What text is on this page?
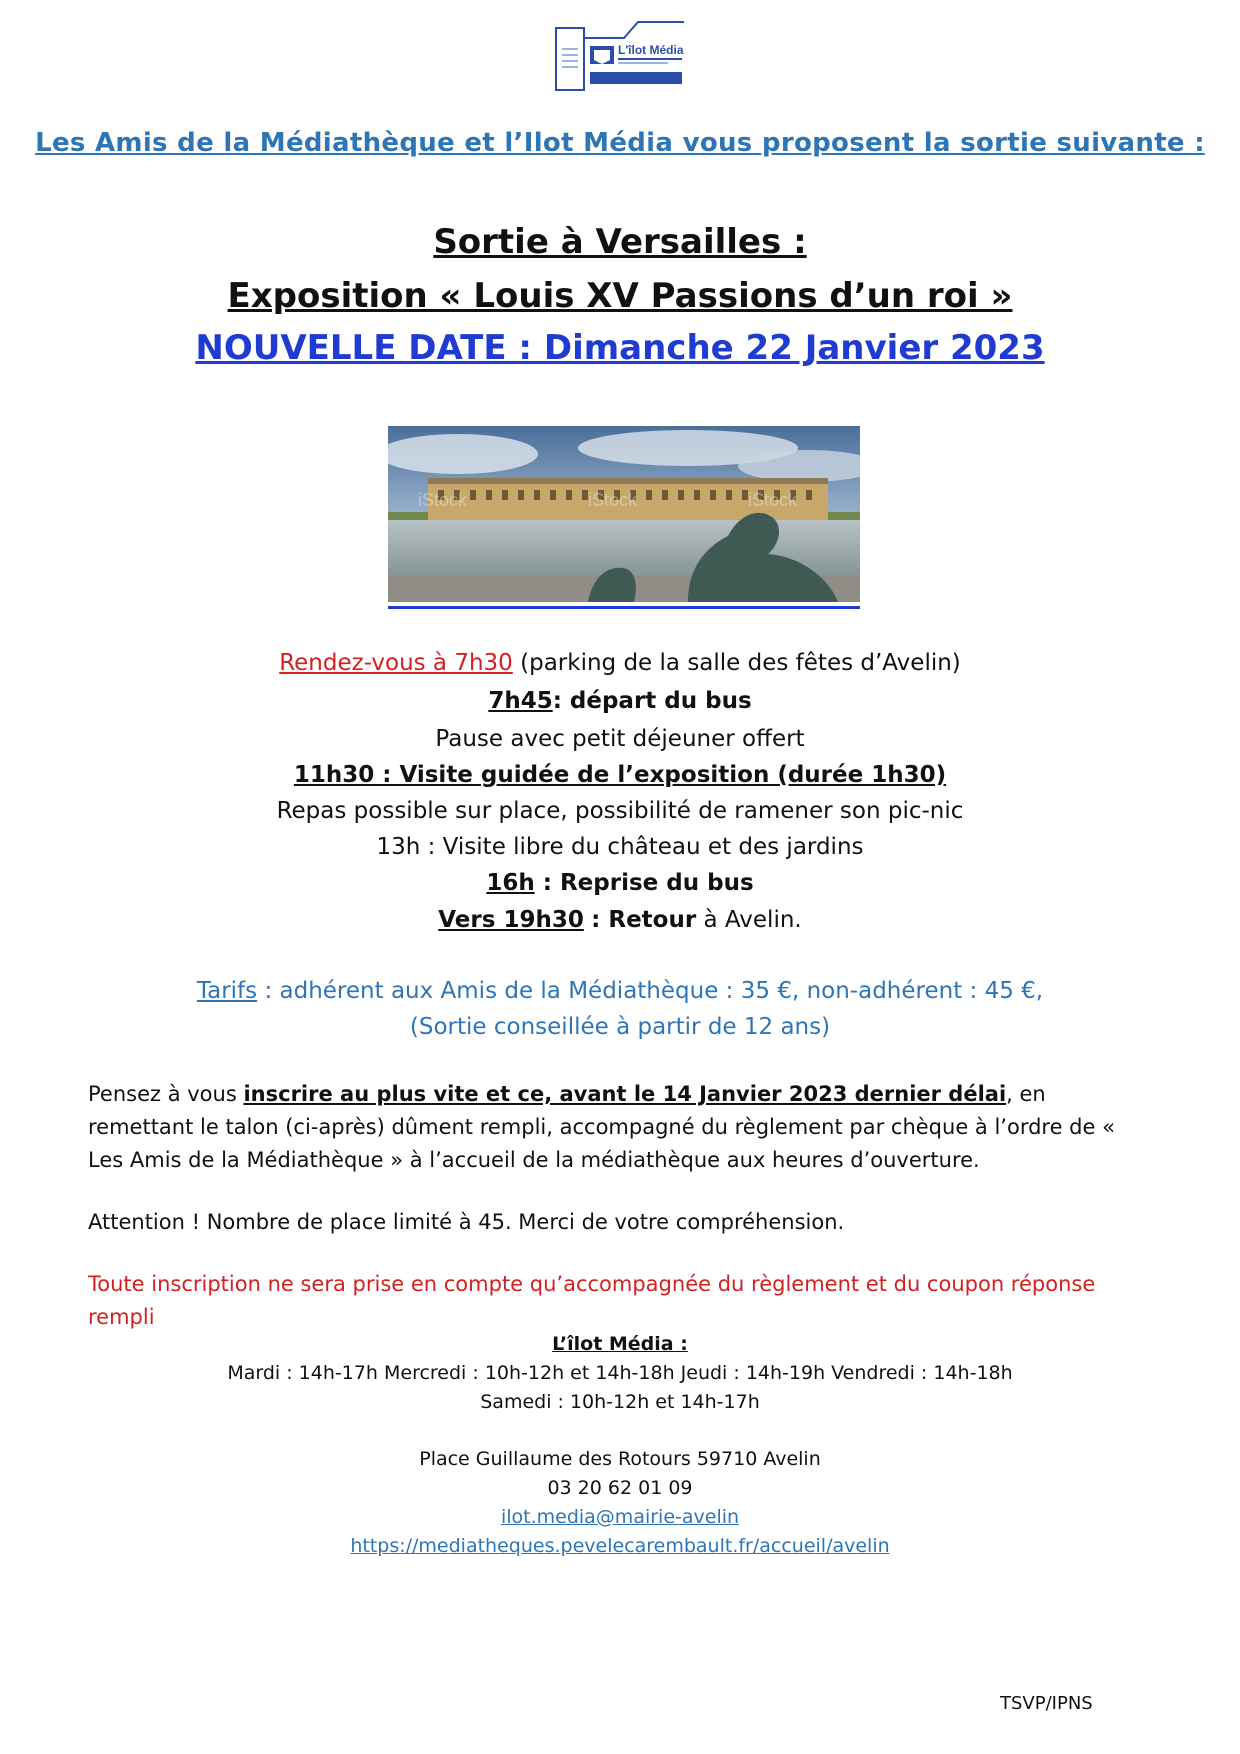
L'îlot Média
Les Amis de la Médiathèque et l’Ilot Média vous proposent la sortie suivante :
Sortie à Versailles :
Exposition « Louis XV Passions d’un roi »
NOUVELLE DATE : Dimanche 22 Janvier 2023
iStock	iStock	iStock
Rendez-vous à 7h30 (parking de la salle des fêtes d’Avelin)
7h45: départ du bus
Pause avec petit déjeuner offert
11h30 : Visite guidée de l’exposition (durée 1h30)
Repas possible sur place, possibilité de ramener son pic-nic
13h : Visite libre du château et des jardins
16h : Reprise du bus
Vers 19h30 : Retour à Avelin.
Tarifs : adhérent aux Amis de la Médiathèque : 35 €, non-adhérent : 45 €,
(Sortie conseillée à partir de 12 ans)
Pensez à vous inscrire au plus vite et ce, avant le 14 Janvier 2023 dernier délai, en remettant le talon (ci-après) dûment rempli, accompagné du règlement par chèque à l’ordre de « Les Amis de la Médiathèque » à l’accueil de la médiathèque aux heures d’ouverture.
Attention ! Nombre de place limité à 45. Merci de votre compréhension.
Toute inscription ne sera prise en compte qu’accompagnée du règlement et du coupon réponse rempli
L’îlot Média :
Mardi : 14h-17h Mercredi : 10h-12h et 14h-18h Jeudi : 14h-19h Vendredi : 14h-18h
Samedi : 10h-12h et 14h-17h
Place Guillaume des Rotours 59710 Avelin
03 20 62 01 09
ilot.media@mairie-avelin
https://mediatheques.pevelecarembault.fr/accueil/avelin
TSVP/IPNS
